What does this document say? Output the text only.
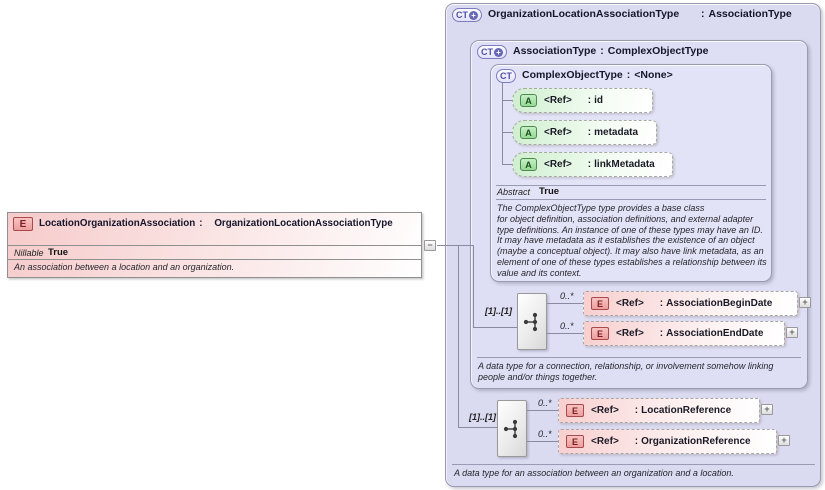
CT + OrganizationLocationAssociationType	: AssociationType
CT + AssociationType : ComplexObjectType
CT ComplexObjectType : <None>
A	<Ref> : id
A	<Ref> : metadata
A	<Ref> : linkMetadata
Abstract True
The ComplexObjectType type provides a base class
for object definition, association definitions, and external adapter type definitions. An instance of one of these types may have an ID. It may have metadata as it establishes the existence of an object (maybe a conceptual object). It may also have link metadata, as an element of one of these types establishes a relationship between its value and its context.
[1]..[1]
0..*
0..*
E	<Ref> : AssociationBeginDate	+
E	<Ref> : AssociationEndDate	+
A data type for a connection, relationship, or involvement somehow linking people and/or things together.
[1]..[1]
0..*
0..*
E	<Ref> : LocationReference	+
E	<Ref> : OrganizationReference	+
A data type for an association between an organization and a location.
E	LocationOrganizationAssociation :	OrganizationLocationAssociationType
Nillable True
An association between a location and an organization.
−
